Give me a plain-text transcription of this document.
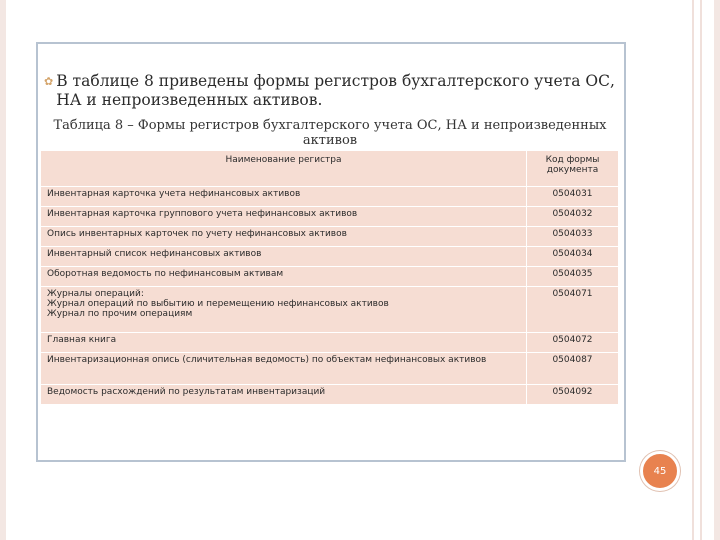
✿ В таблице 8 приведены формы регистров бухгалтерского учета ОС, НА и непроизведенных активов.
Таблица 8 – Формы регистров бухгалтерского учета ОС, НА и непроизведенных активов
Наименование регистра	Код формы документа
Инвентарная карточка учета нефинансовых активов	0504031
Инвентарная карточка группового учета нефинансовых активов	0504032
Опись инвентарных карточек по учету нефинансовых активов	0504033
Инвентарный список нефинансовых активов	0504034
Оборотная ведомость по нефинансовым активам	0504035

Журналы операций:
Журнал операций по выбытию и перемещению нефинансовых активов
Журнал по прочим операциям	0504071
Главная книга	0504072
Инвентаризационная опись (сличительная ведомость) по объектам нефинансовых активов	0504087
Ведомость расхождений по результатам инвентаризаций	0504092
45
